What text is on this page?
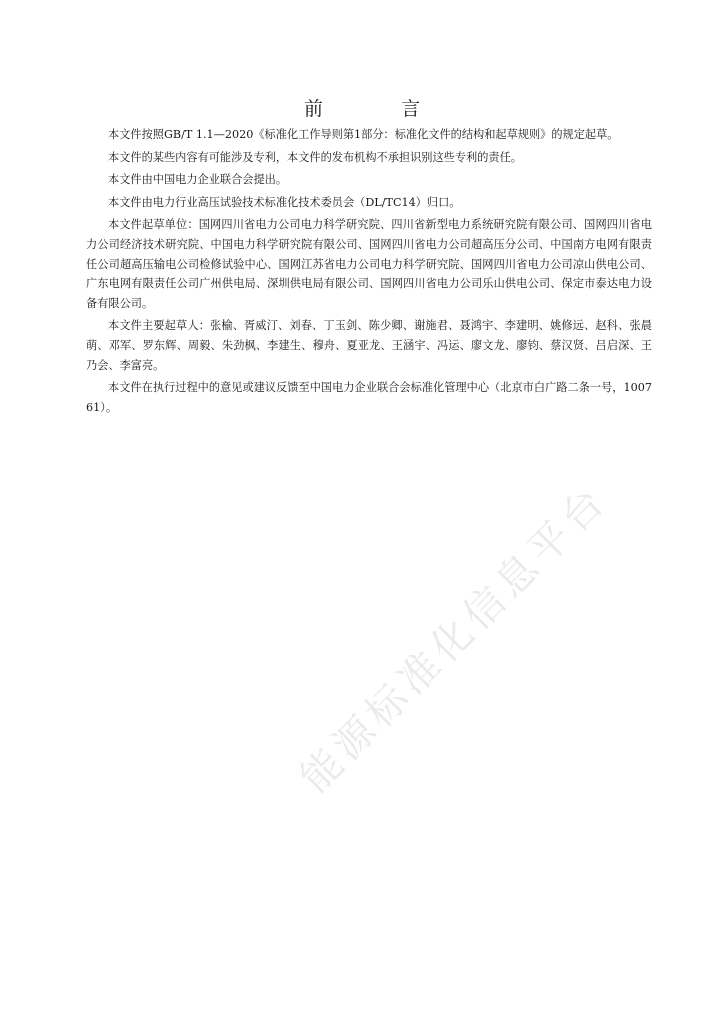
前 言

本文件按照GB/T 1.1—2020《标准化工作导则第1部分：标准化文件的结构和起草规则》的规定起草。

本文件的某些内容有可能涉及专利，本文件的发布机构不承担识别这些专利的责任。

本文件由中国电力企业联合会提出。

本文件由电力行业高压试验技术标准化技术委员会（DL/TC14）归口。

本文件起草单位：国网四川省电力公司电力科学研究院、四川省新型电力系统研究院有限公司、国网四川省电力公司经济技术研究院、中国电力科学研究院有限公司、国网四川省电力公司超高压分公司、中国南方电网有限责任公司超高压输电公司检修试验中心、国网江苏省电力公司电力科学研究院、国网四川省电力公司凉山供电公司、广东电网有限责任公司广州供电局、深圳供电局有限公司、国网四川省电力公司乐山供电公司、保定市泰达电力设备有限公司。

本文件主要起草人：张榆、胥威汀、刘春、丁玉剑、陈少卿、谢施君、聂鸿宇、李建明、姚修远、赵科、张晨萌、邓军、罗东辉、周毅、朱劲枫、李建生、穆舟、夏亚龙、王涵宇、冯运、廖文龙、廖钧、蔡汉贤、吕启深、王乃会、李富亮。

本文件在执行过程中的意见或建议反馈至中国电力企业联合会标准化管理中心（北京市白广路二条一号，100761）。

能源标准化信息平台
